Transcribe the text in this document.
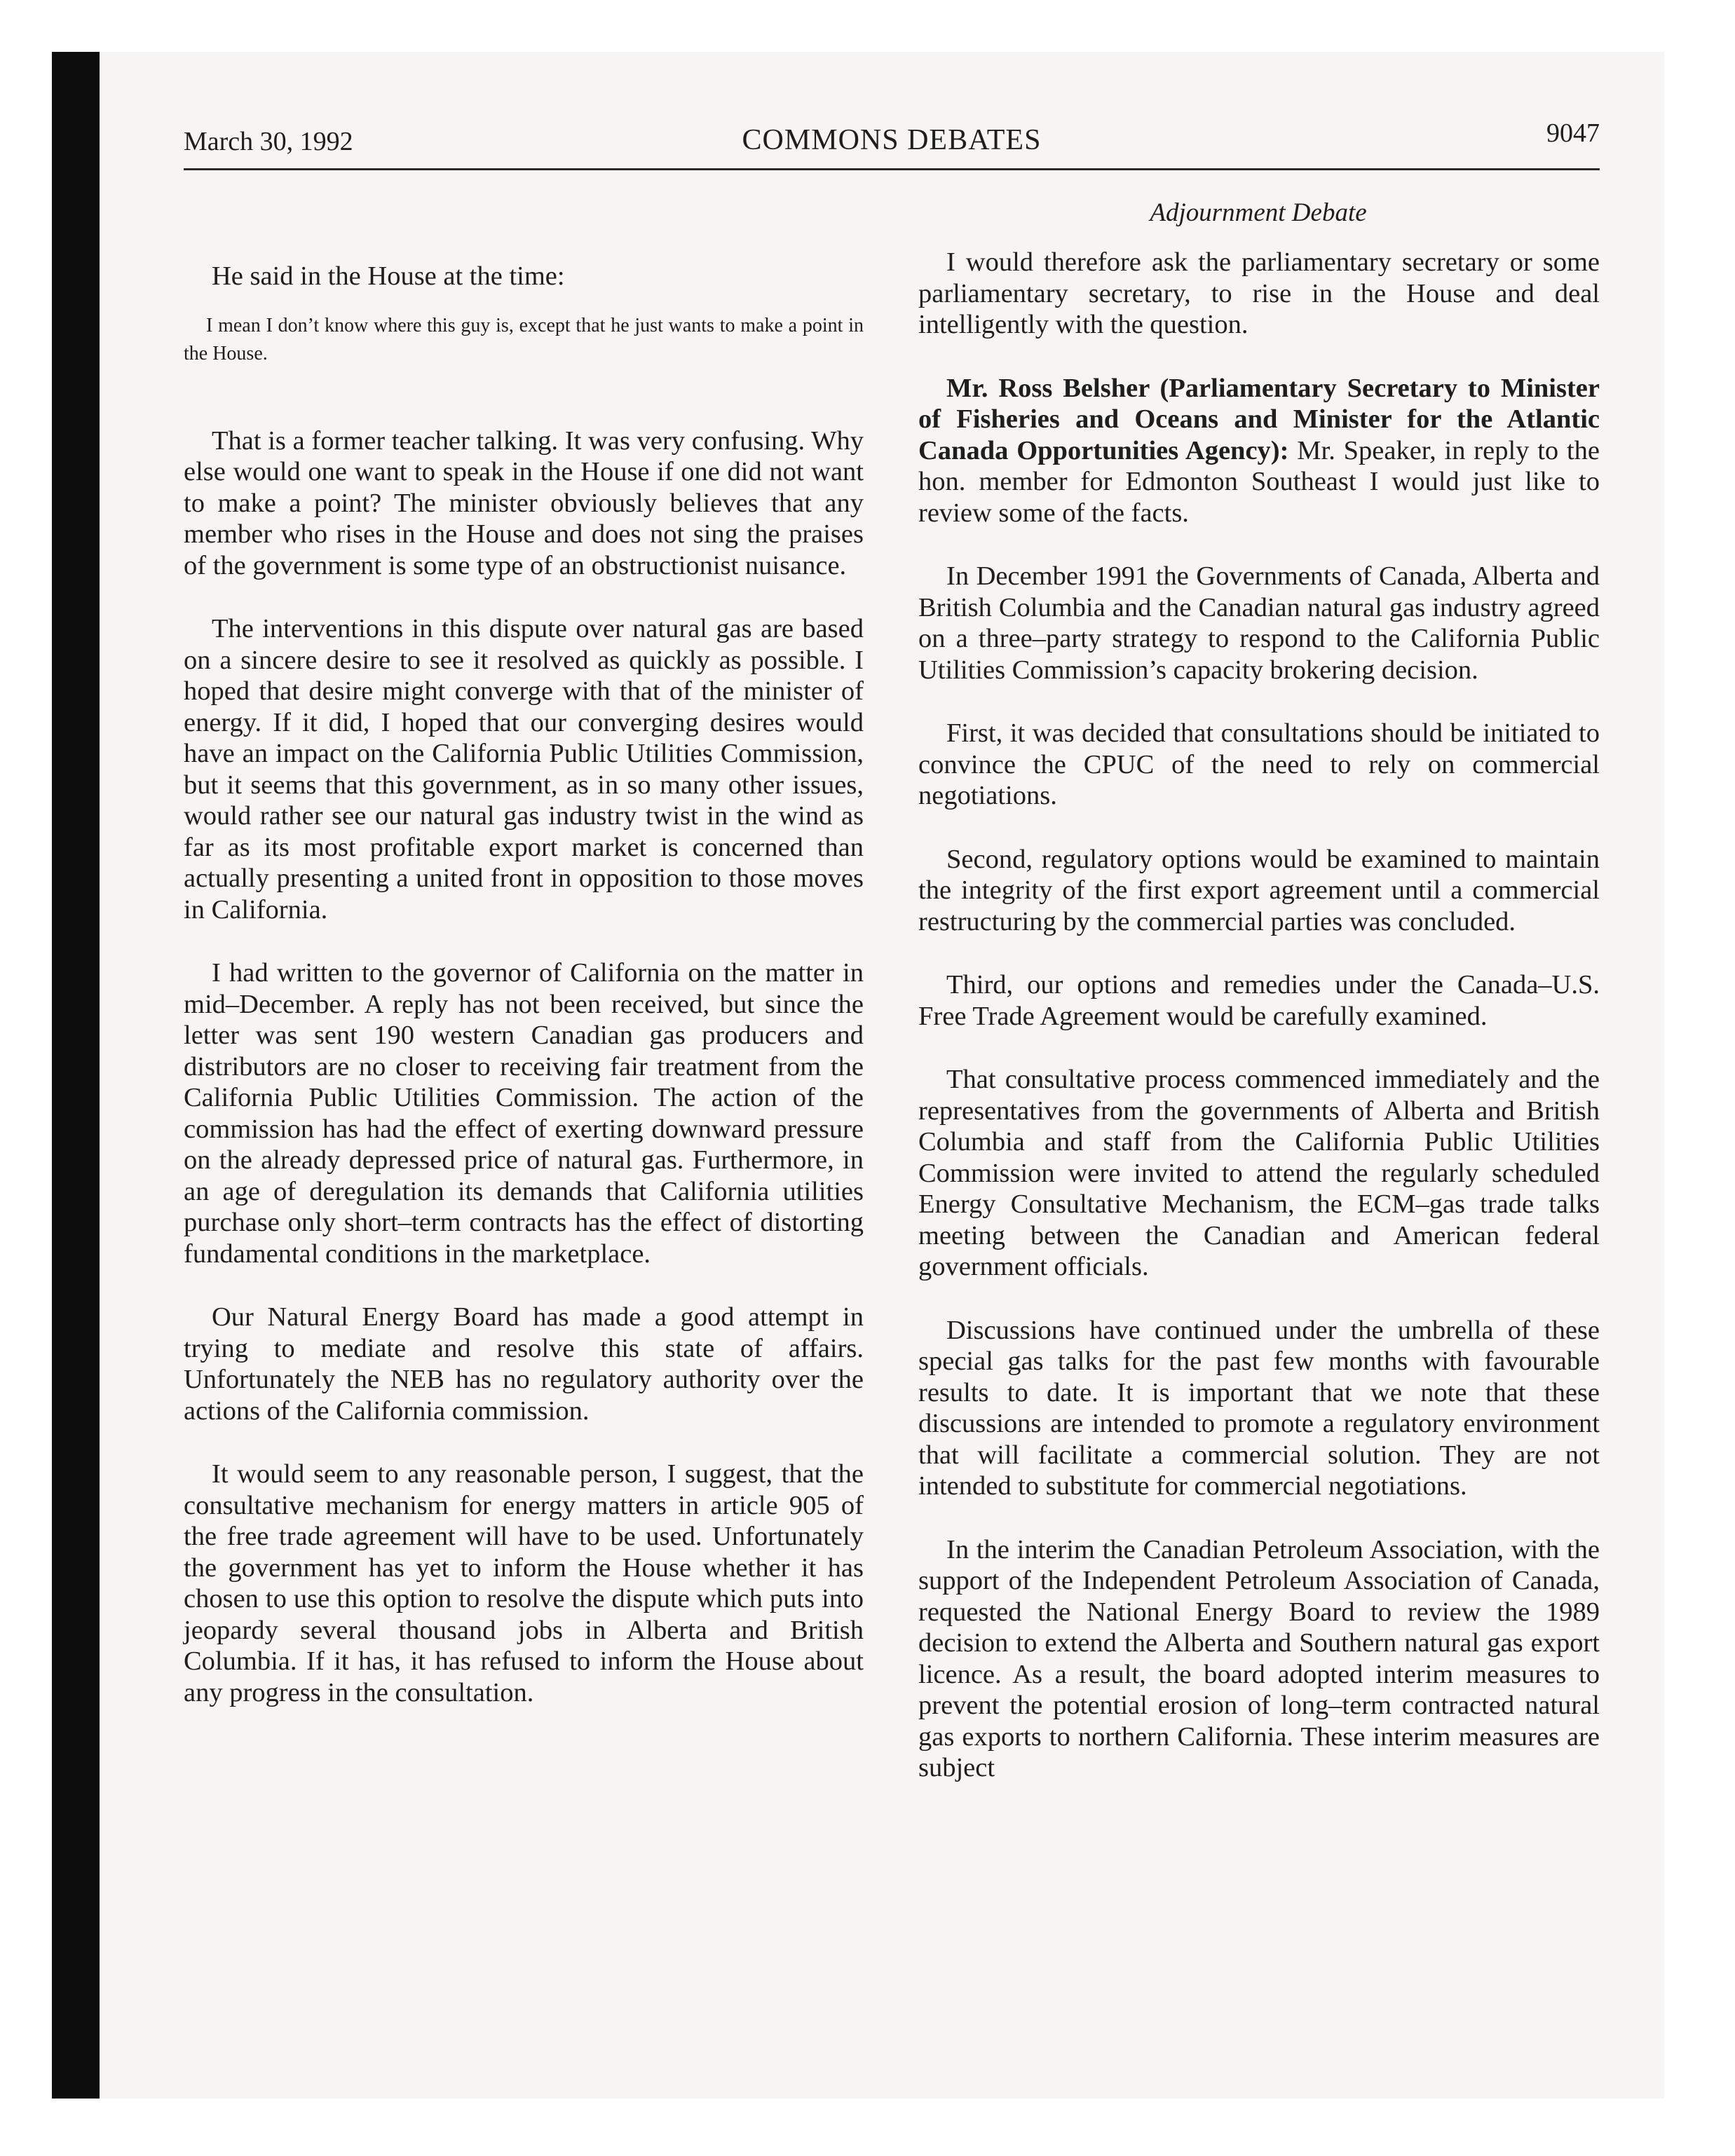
March 30, 1992	COMMONS DEBATES	9047
Adjournment Debate

He said in the House at the time:

I mean I don’t know where this guy is, except that he just wants to make a point in the House.

That is a former teacher talking. It was very confusing. Why else would one want to speak in the House if one did not want to make a point? The minister obviously believes that any member who rises in the House and does not sing the praises of the government is some type of an obstructionist nuisance.

The interventions in this dispute over natural gas are based on a sincere desire to see it resolved as quickly as possible. I hoped that desire might converge with that of the minister of energy. If it did, I hoped that our converging desires would have an impact on the California Public Utilities Commission, but it seems that this government, as in so many other issues, would rather see our natural gas industry twist in the wind as far as its most profitable export market is concerned than actually presenting a united front in opposition to those moves in California.

I had written to the governor of California on the matter in mid–December. A reply has not been received, but since the letter was sent 190 western Canadian gas producers and distributors are no closer to receiving fair treatment from the California Public Utilities Commission. The action of the commission has had the effect of exerting downward pressure on the already depressed price of natural gas. Furthermore, in an age of deregulation its demands that California utilities purchase only short–term contracts has the effect of distorting fundamental conditions in the marketplace.

Our Natural Energy Board has made a good attempt in trying to mediate and resolve this state of affairs. Unfortunately the NEB has no regulatory authority over the actions of the California commission.

It would seem to any reasonable person, I suggest, that the consultative mechanism for energy matters in article 905 of the free trade agreement will have to be used. Unfortunately the government has yet to inform the House whether it has chosen to use this option to resolve the dispute which puts into jeopardy several thousand jobs in Alberta and British Columbia. If it has, it has refused to inform the House about any progress in the consultation.

I would therefore ask the parliamentary secretary or some parliamentary secretary, to rise in the House and deal intelligently with the question.

Mr. Ross Belsher (Parliamentary Secretary to Minister of Fisheries and Oceans and Minister for the Atlantic Canada Opportunities Agency): Mr. Speaker, in reply to the hon. member for Edmonton Southeast I would just like to review some of the facts.

In December 1991 the Governments of Canada, Alberta and British Columbia and the Canadian natural gas industry agreed on a three–party strategy to respond to the California Public Utilities Commission’s capacity brokering decision.

First, it was decided that consultations should be initiated to convince the CPUC of the need to rely on commercial negotiations.

Second, regulatory options would be examined to maintain the integrity of the first export agreement until a commercial restructuring by the commercial parties was concluded.

Third, our options and remedies under the Canada–U.S. Free Trade Agreement would be carefully examined.

That consultative process commenced immediately and the representatives from the governments of Alberta and British Columbia and staff from the California Public Utilities Commission were invited to attend the regularly scheduled Energy Consultative Mechanism, the ECM–gas trade talks meeting between the Canadian and American federal government officials.

Discussions have continued under the umbrella of these special gas talks for the past few months with favourable results to date. It is important that we note that these discussions are intended to promote a regulatory environment that will facilitate a commercial solution. They are not intended to substitute for commercial negotiations.

In the interim the Canadian Petroleum Association, with the support of the Independent Petroleum Association of Canada, requested the National Energy Board to review the 1989 decision to extend the Alberta and Southern natural gas export licence. As a result, the board adopted interim measures to prevent the potential erosion of long–term contracted natural gas exports to northern California. These interim measures are subject
